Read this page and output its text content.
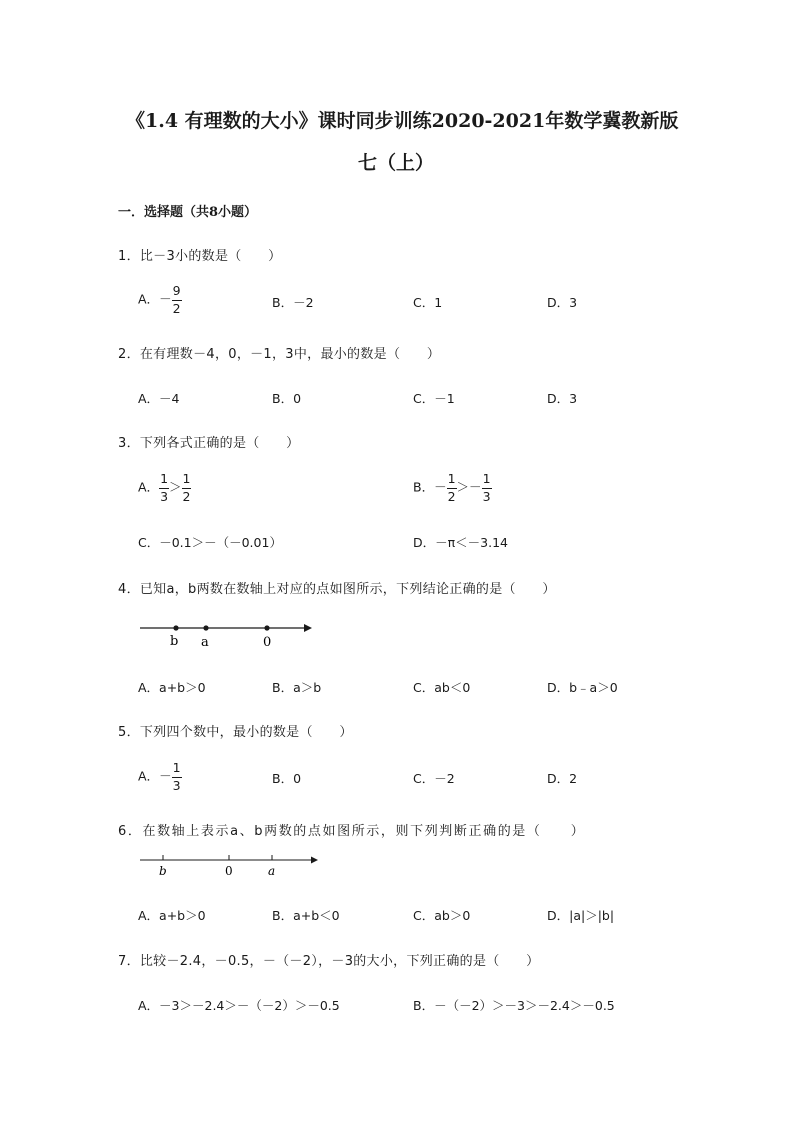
《1.4 有理数的大小》课时同步训练2020-2021年数学冀教新版
七（上）
一．选择题（共8小题）
1．比－3小的数是（　　）
A．－ $\frac{9}{2}$	B．－2	C．1	D．3
2．在有理数－4，0，－1，3中，最小的数是（　　）
A．－4	B．0	C．－1	D．3
3．下列各式正确的是（　　）
A． $\frac{1}{3} > \frac{1}{2}$	B．－ $\frac{1}{2} >- \frac{1}{3}$
C．－0.1＞－（－0.01）	D．－π＜－3.14
4．已知a，b两数在数轴上对应的点如图所示，下列结论正确的是（　　）
b a	0
A．a+b＞0	B．a＞b	C．ab＜0	D．b﹣a＞0
5．下列四个数中，最小的数是（　　）
A．－ $\frac{1}{3}$	B．0	C．－2	D．2
6．在数轴上表示a、b两数的点如图所示，则下列判断正确的是（　　）
b	0	a
A．a+b＞0	B．a+b＜0	C．ab＞0	D．|a|＞|b|
7．比较－2.4，－0.5，－（－2），－3的大小，下列正确的是（　　）
A．－3＞－2.4＞－（－2）＞－0.5	B．－（－2）＞－3＞－2.4＞－0.5
